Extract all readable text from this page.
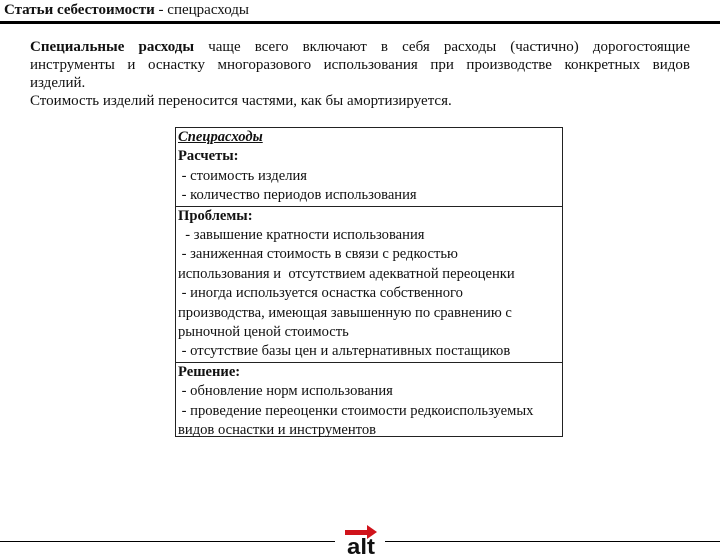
Статьи себестоимости - спецрасходы

Специальные расходы чаще всего включают в себя расходы (частично) дорогостоящие

инструменты и оснастку многоразового использования при производстве конкретных видов

изделий.

Стоимость изделий переносится частями, как бы амортизируется.

Спецрасходы
Расчеты:
- стоимость изделия
- количество периодов использования
Проблемы:
- завышение кратности использования
- заниженная стоимость в связи с редкостью
использования и  отсутствием адекватной переоценки
- иногда используется оснастка собственного
производства, имеющая завышенную по сравнению с
рыночной ценой стоимость
- отсутствие базы цен и альтернативных постащиков
Решение:
- обновление норм использования
- проведение переоценки стоимости редкоиспользуемых
видов оснастки и инструментов
alt
